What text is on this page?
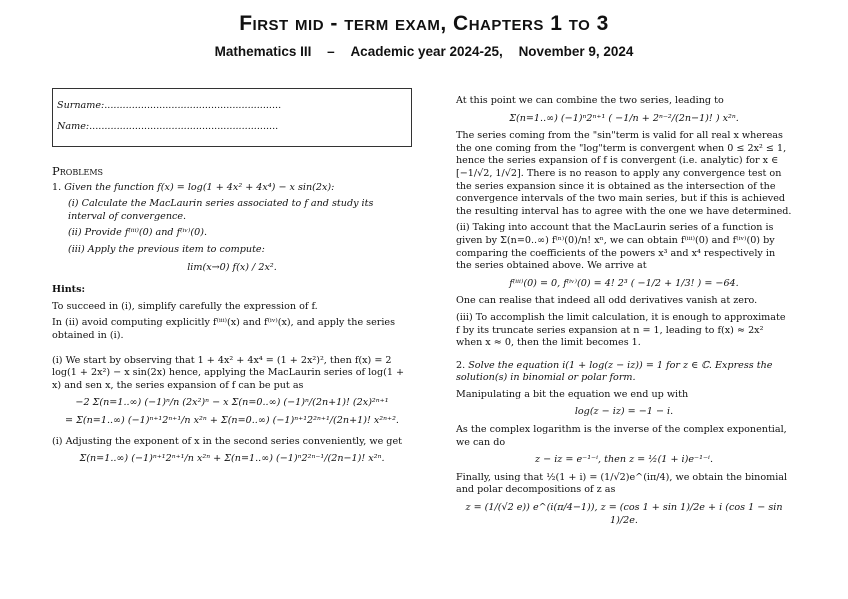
First mid - term exam, Chapters 1 to 3
Mathematics III – Academic year 2024-25, November 9, 2024
Surname:..........................................................
Name:..............................................................
Problems
1. Given the function f(x) = log(1 + 4x² + 4x⁴) − x sin(2x):

(i) Calculate the MacLaurin series associated to f and study its interval of convergence.

(ii) Provide f⁽ⁱⁱⁱ⁾(0) and f⁽ⁱᵛ⁾(0).

(iii) Apply the previous item to compute:

lim(x→0) f(x) / 2x².

Hints:

To succeed in (i), simplify carefully the expression of f.

In (ii) avoid computing explicitly f⁽ⁱⁱⁱ⁾(x) and f⁽ⁱᵛ⁾(x), and apply the series obtained in (i).

(i) We start by observing that 1 + 4x² + 4x⁴ = (1 + 2x²)², then f(x) = 2 log(1 + 2x²) − x sin(2x) hence, applying the MacLaurin series of log(1 + x) and sen x, the series expansion of f can be put as

−2 Σ(n=1..∞) (−1)ⁿ/n (2x²)ⁿ − x Σ(n=0..∞) (−1)ⁿ/(2n+1)! (2x)²ⁿ⁺¹
= Σ(n=1..∞) (−1)ⁿ⁺¹2ⁿ⁺¹/n x²ⁿ + Σ(n=0..∞) (−1)ⁿ⁺¹2²ⁿ⁺¹/(2n+1)! x²ⁿ⁺².

(i) Adjusting the exponent of x in the second series conveniently, we get

Σ(n=1..∞) (−1)ⁿ⁺¹2ⁿ⁺¹/n x²ⁿ + Σ(n=1..∞) (−1)ⁿ2²ⁿ⁻¹/(2n−1)! x²ⁿ.

At this point we can combine the two series, leading to

Σ(n=1..∞) (−1)ⁿ2ⁿ⁺¹ ( −1/n + 2ⁿ⁻²/(2n−1)! ) x²ⁿ.

The series coming from the "sin"term is valid for all real x whereas the one coming from the "log"term is convergent when 0 ≤ 2x² ≤ 1, hence the series expansion of f is convergent (i.e. analytic) for x ∈ [−1/√2, 1/√2]. There is no reason to apply any convergence test on the series expansion since it is obtained as the intersection of the convergence intervals of the two main series, but if this is achieved the resulting interval has to agree with the one we have determined.

(ii) Taking into account that the MacLaurin series of a function is given by Σ(n=0..∞) f⁽ⁿ⁾(0)/n! xⁿ, we can obtain f⁽ⁱⁱⁱ⁾(0) and f⁽ⁱᵛ⁾(0) by comparing the coefficients of the powers x³ and x⁴ respectively in the series obtained above. We arrive at

f⁽ⁱⁱⁱ⁾(0) = 0, f⁽ⁱᵛ⁾(0) = 4! 2³ ( −1/2 + 1/3! ) = −64.

One can realise that indeed all odd derivatives vanish at zero.

(iii) To accomplish the limit calculation, it is enough to approximate f by its truncate series expansion at n = 1, leading to f(x) ≈ 2x² when x ≈ 0, then the limit becomes 1.

2. Solve the equation i(1 + log(z − iz)) = 1 for z ∈ ℂ. Express the solution(s) in binomial or polar form.

Manipulating a bit the equation we end up with

log(z − iz) = −1 − i.

As the complex logarithm is the inverse of the complex exponential, we can do

z − iz = e⁻¹⁻ⁱ, then z = ½(1 + i)e⁻¹⁻ⁱ.

Finally, using that ½(1 + i) = (1/√2)e^(iπ/4), we obtain the binomial and polar decompositions of z as

z = (1/(√2 e)) e^(i(π/4−1)), z = (cos 1 + sin 1)/2e + i (cos 1 − sin 1)/2e.
